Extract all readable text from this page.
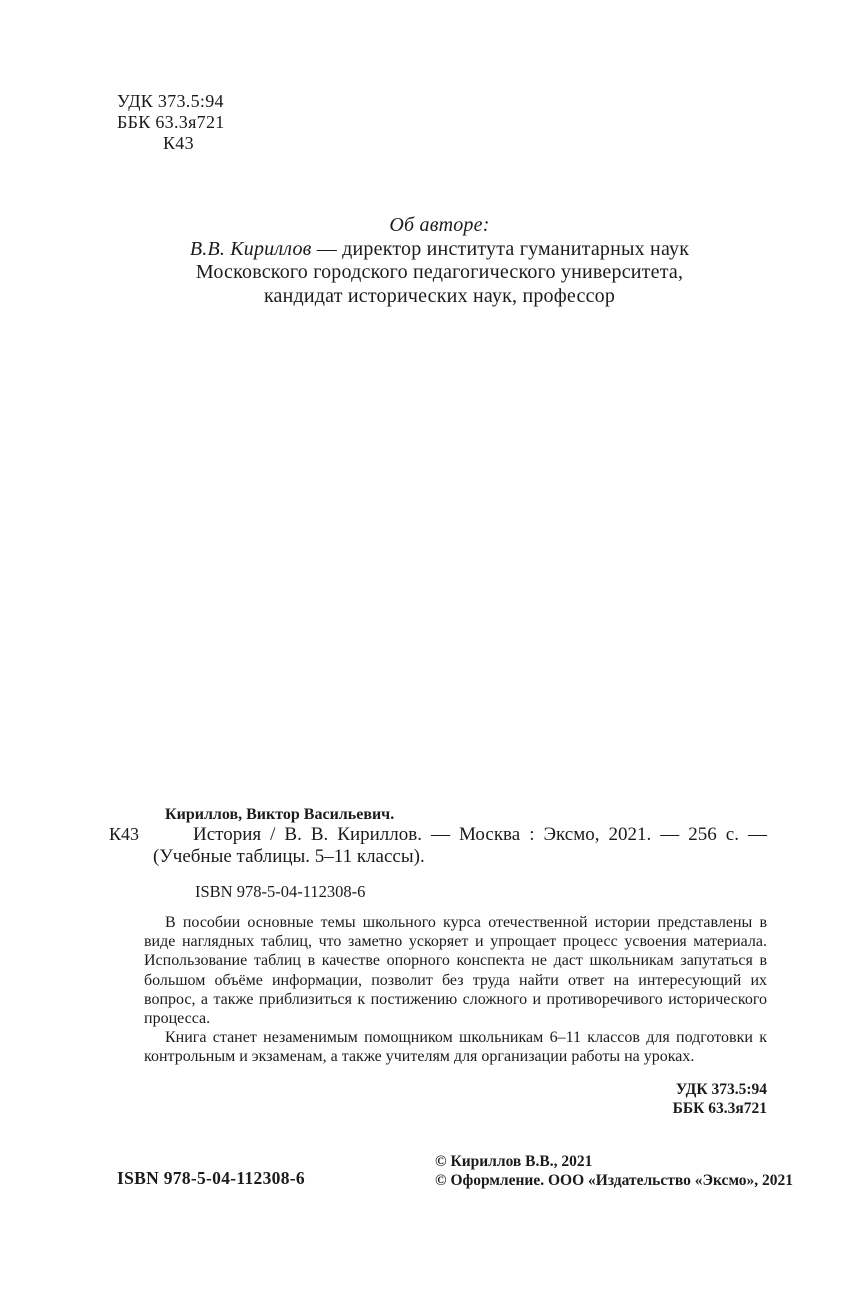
УДК 373.5:94
ББК 63.3я721
К43
Об авторе:
В.В. Кириллов — директор института гуманитарных наук
Московского городского педагогического университета,
кандидат исторических наук, профессор
Кириллов, Виктор Васильевич.
К43	История / В. В. Кириллов. — Москва : Эксмо, 2021. — 256 с. —
(Учебные таблицы. 5–11 классы).
ISBN 978-5-04-112308-6

В пособии основные темы школьного курса отечественной истории представлены в виде наглядных таблиц, что заметно ускоряет и упрощает процесс усвоения материала. Использование таблиц в качестве опорного конспекта не даст школьникам запутаться в большом объёме информации, позволит без труда найти ответ на интересующий их вопрос, а также приблизиться к постижению сложного и противоречивого исторического процесса.

Книга станет незаменимым помощником школьникам 6–11 классов для подготовки к контрольным и экзаменам, а также учителям для организации работы на уроках.

УДК 373.5:94
ББК 63.3я721
ISBN 978-5-04-112308-6
© Кириллов В.В., 2021
© Оформление. ООО «Издательство «Эксмо», 2021
